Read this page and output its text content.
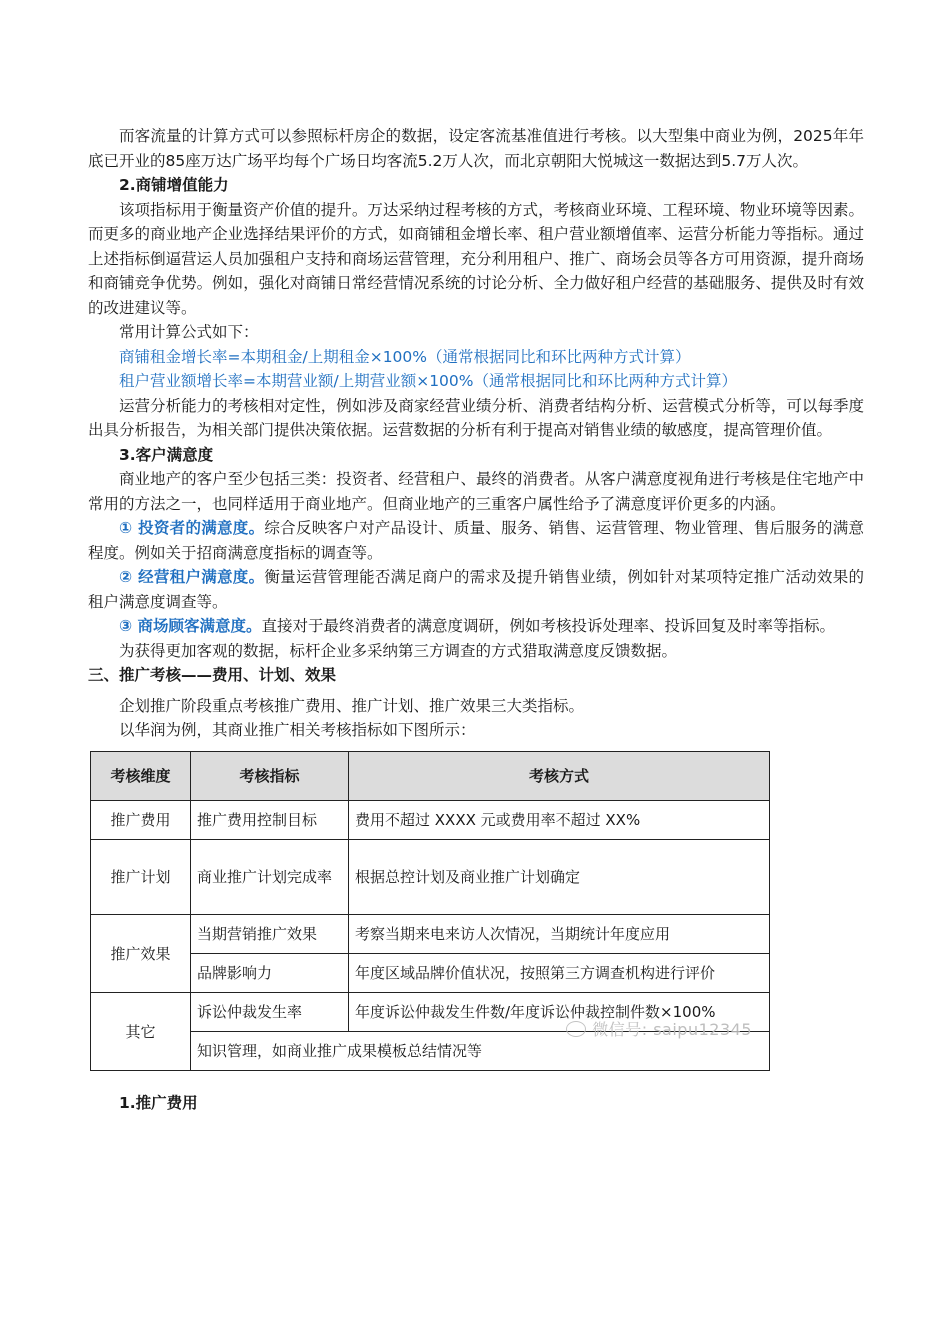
而客流量的计算方式可以参照标杆房企的数据，设定客流基准值进行考核。以大型集中商业为例，2025年年底已开业的85座万达广场平均每个广场日均客流5.2万人次，而北京朝阳大悦城这一数据达到5.7万人次。

2.商铺增值能力

该项指标用于衡量资产价值的提升。万达采纳过程考核的方式，考核商业环境、工程环境、物业环境等因素。而更多的商业地产企业选择结果评价的方式，如商铺租金增长率、租户营业额增值率、运营分析能力等指标。通过上述指标倒逼营运人员加强租户支持和商场运营管理，充分利用租户、推广、商场会员等各方可用资源，提升商场和商铺竞争优势。例如，强化对商铺日常经营情况系统的讨论分析、全力做好租户经营的基础服务、提供及时有效的改进建议等。

常用计算公式如下：

商铺租金增长率=本期租金/上期租金×100%（通常根据同比和环比两种方式计算）

租户营业额增长率=本期营业额/上期营业额×100%（通常根据同比和环比两种方式计算）

运营分析能力的考核相对定性，例如涉及商家经营业绩分析、消费者结构分析、运营模式分析等，可以每季度出具分析报告，为相关部门提供决策依据。运营数据的分析有利于提高对销售业绩的敏感度，提高管理价值。

3.客户满意度

商业地产的客户至少包括三类：投资者、经营租户、最终的消费者。从客户满意度视角进行考核是住宅地产中常用的方法之一，也同样适用于商业地产。但商业地产的三重客户属性给予了满意度评价更多的内涵。

① 投资者的满意度。综合反映客户对产品设计、质量、服务、销售、运营管理、物业管理、售后服务的满意程度。例如关于招商满意度指标的调查等。

② 经营租户满意度。衡量运营管理能否满足商户的需求及提升销售业绩，例如针对某项特定推广活动效果的租户满意度调查等。

③ 商场顾客满意度。直接对于最终消费者的满意度调研，例如考核投诉处理率、投诉回复及时率等指标。

为获得更加客观的数据，标杆企业多采纳第三方调查的方式猎取满意度反馈数据。

三、推广考核——费用、计划、效果

企划推广阶段重点考核推广费用、推广计划、推广效果三大类指标。

以华润为例，其商业推广相关考核指标如下图所示：

考核维度	考核指标	考核方式
推广费用	推广费用控制目标	费用不超过 XXXX 元或费用率不超过 XX%
推广计划	商业推广计划完成率	根据总控计划及商业推广计划确定
推广效果	当期营销推广效果	考察当期来电来访人次情况，当期统计年度应用
	品牌影响力	年度区域品牌价值状况，按照第三方调查机构进行评价
其它	诉讼仲裁发生率	年度诉讼仲裁发生件数/年度诉讼仲裁控制件数×100%
	知识管理，如商业推广成果模板总结情况等	
微信号: saipu12345

1.推广费用
